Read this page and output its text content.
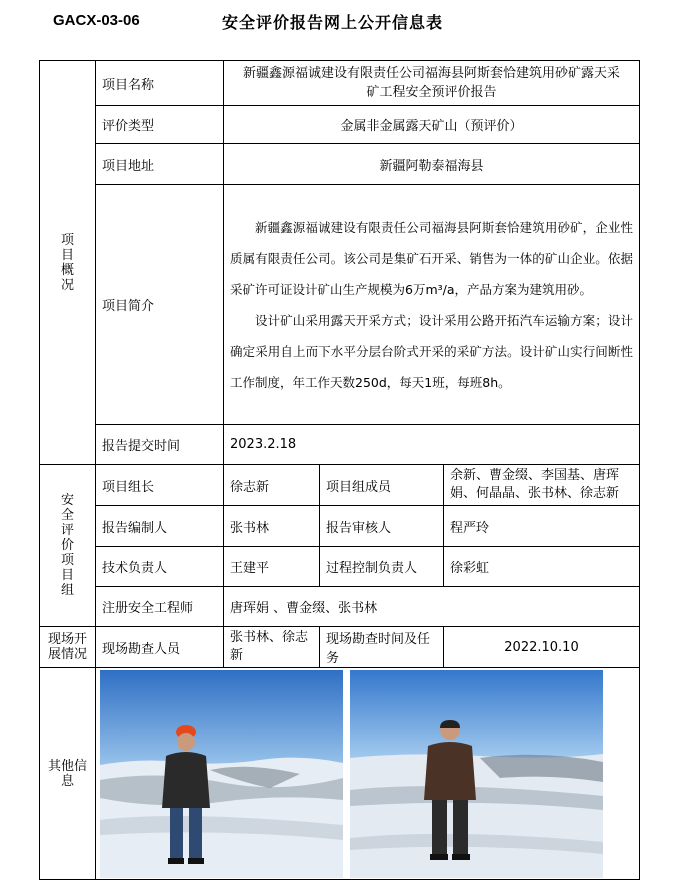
GACX-03-06	安全评价报告网上公开信息表
项目概况	项目名称	新疆鑫源福诚建设有限责任公司福海县阿斯套恰建筑用砂矿露天采矿工程安全预评价报告		
	评价类型	金属非金属露天矿山（预评价）		
	项目地址	新疆阿勒泰福海县		
	项目简介	新疆鑫源福诚建设有限责任公司福海县阿斯套恰建筑用砂矿，企业性质属有限责任公司。该公司是集矿石开采、销售为一体的矿山企业。依据采矿许可证设计矿山生产规模为6万m³/a，产品方案为建筑用砂。

设计矿山采用露天开采方式；设计采用公路开拓汽车运输方案；设计确定采用自上而下水平分层台阶式开采的采矿方法。设计矿山实行间断性工作制度，年工作天数250d，每天1班，每班8h。		

	报告提交时间	2023.2.18		
安全评价项目组	项目组长	徐志新	项目组成员	余新、曹金缀、李国基、唐珲娟、何晶晶、张书林、徐志新
	报告编制人	张书林	报告审核人	程严玲
	技术负责人	王建平	过程控制负责人	徐彩虹
	注册安全工程师	唐珲娟 、曹金缀、张书林		
现场开展情况	现场勘查人员	张书林、徐志新	现场勘查时间及任务	2022.10.10
其他信息	
